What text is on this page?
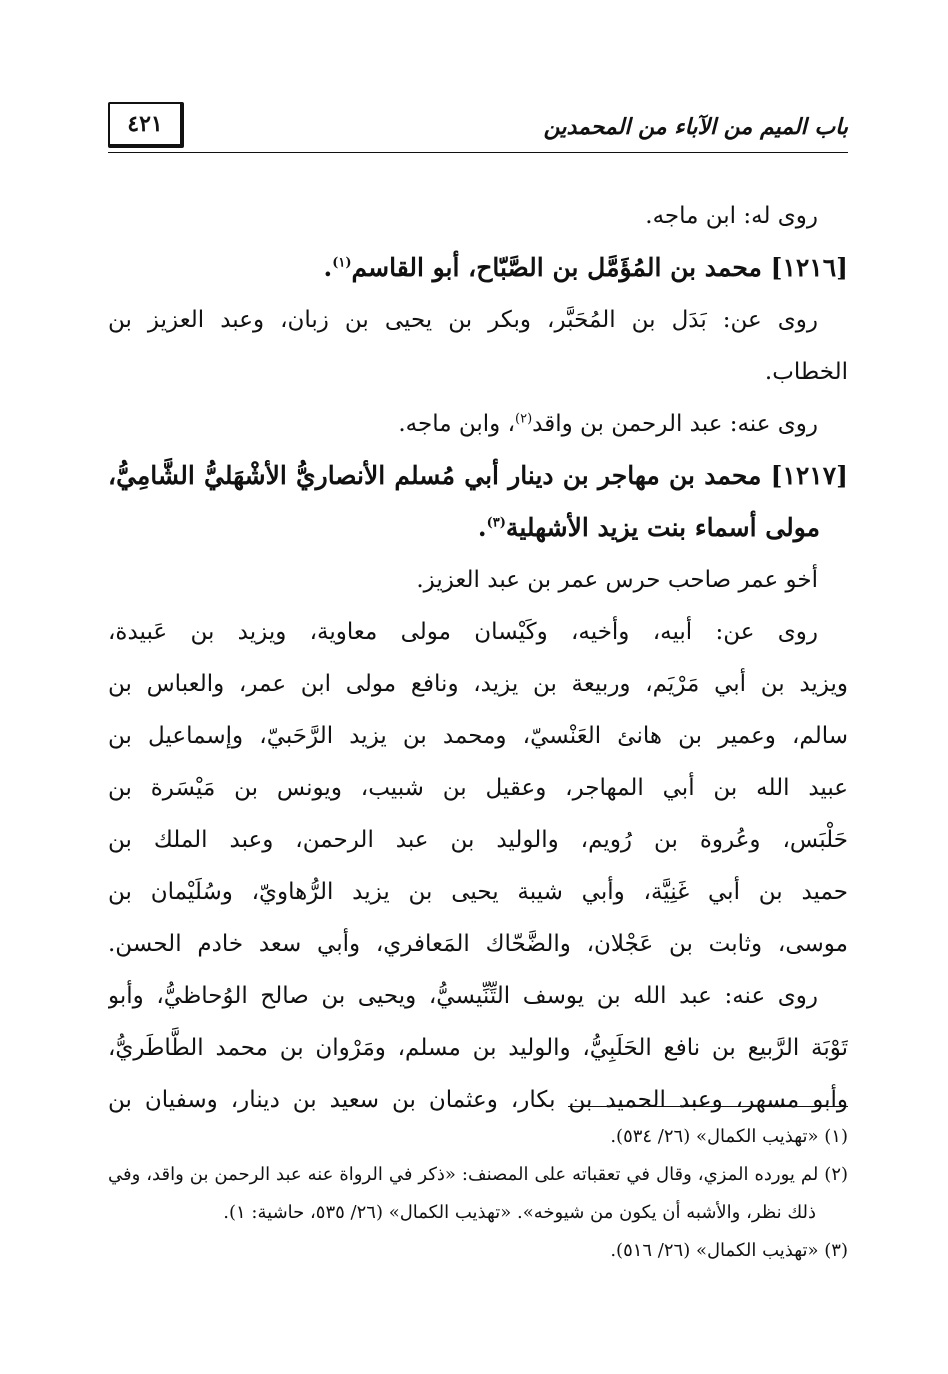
باب الميم من الآباء من المحمدين
٤٢١
روى له: ابن ماجه.
[١٢١٦] محمد بن المُؤَمَّل بن الصَّبّاح، أبو القاسم$^{(١)}$.
روى عن: بَدَل بن المُحَبَّر، وبكر بن يحيى بن زبان، وعبد العزيز بن
الخطاب.
روى عنه: عبد الرحمن بن واقد$^{(٢)}$، وابن ماجه.
[١٢١٧] محمد بن مهاجر بن دينار أبي مُسلم الأنصاريُّ الأشْهَليُّ الشَّامِيُّ،
مولى أسماء بنت يزيد الأشهلية$^{(٣)}$.
أخو عمر صاحب حرس عمر بن عبد العزيز.
روى عن: أبيه، وأخيه، وكَيْسان مولى معاوية، ويزيد بن عَبيدة،
ويزيد بن أبي مَرْيَم، وربيعة بن يزيد، ونافع مولى ابن عمر، والعباس بن
سالم، وعمير بن هانئ العَنْسيّ، ومحمد بن يزيد الرَّحَبيّ، وإسماعيل بن
عبيد الله بن أبي المهاجر، وعقيل بن شبيب، ويونس بن مَيْسَرة بن
حَلْبَس، وعُروة بن رُويم، والوليد بن عبد الرحمن، وعبد الملك بن
حميد بن أبي غَنِيَّة، وأبي شيبة يحيى بن يزيد الرُّهاويّ، وسُلَيْمان بن
موسى، وثابت بن عَجْلان، والضَّحّاك المَعافري، وأبي سعد خادم الحسن.
روى عنه: عبد الله بن يوسف التِّنِّيسيُّ، ويحيى بن صالح الوُحاظيُّ، وأبو
تَوْبَة الرَّبيع بن نافع الحَلَبِيُّ، والوليد بن مسلم، ومَرْوان بن محمد الطَّاطَريُّ،
وأبو مسهر، وعبد الحميد بن بكار، وعثمان بن سعيد بن دينار، وسفيان بن
(١) «تهذيب الكمال» (٢٦/ ٥٣٤).
(٢) لم يورده المزي، وقال في تعقباته على المصنف: «ذكر في الرواة عنه عبد الرحمن بن واقد، وفي
ذلك نظر، والأشبه أن يكون من شيوخه». «تهذيب الكمال» (٢٦/ ٥٣٥، حاشية: ١).
(٣) «تهذيب الكمال» (٢٦/ ٥١٦).
